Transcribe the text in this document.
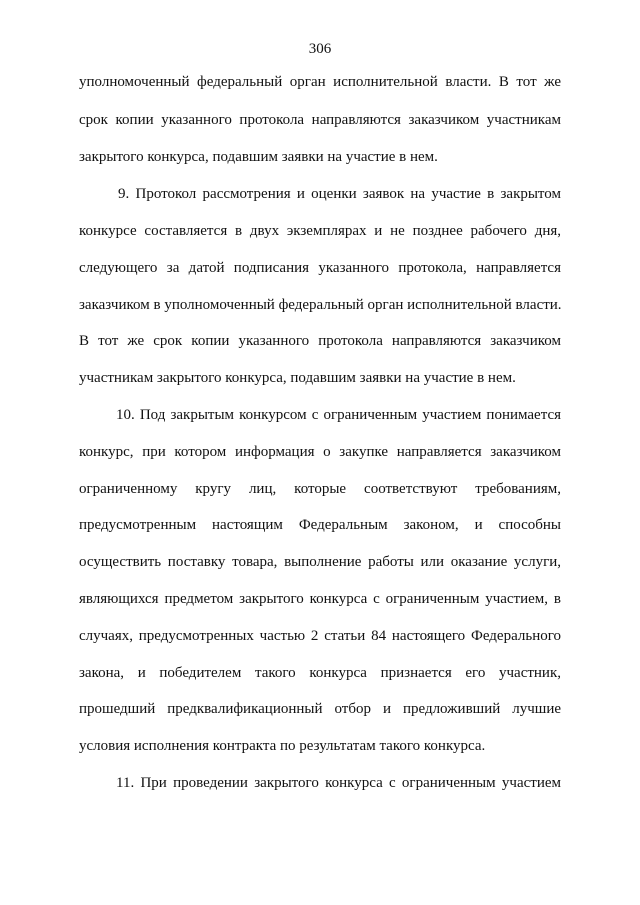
306
уполномоченный федеральный орган исполнительной власти. В тот же
срок копии указанного протокола направляются заказчиком участникам
закрытого конкурса, подавшим заявки на участие в нем.
9. Протокол рассмотрения и оценки заявок на участие в закрытом
конкурсе составляется в двух экземплярах и не позднее рабочего дня,
следующего за датой подписания указанного протокола, направляется
заказчиком в уполномоченный федеральный орган исполнительной власти.
В тот же срок копии указанного протокола направляются заказчиком
участникам закрытого конкурса, подавшим заявки на участие в нем.
10. Под закрытым конкурсом с ограниченным участием понимается
конкурс, при котором информация о закупке направляется заказчиком
ограниченному кругу лиц, которые соответствуют требованиям,
предусмотренным настоящим Федеральным законом, и способны
осуществить поставку товара, выполнение работы или оказание услуги,
являющихся предметом закрытого конкурса с ограниченным участием, в
случаях, предусмотренных частью 2 статьи 84 настоящего Федерального
закона, и победителем такого конкурса признается его участник,
прошедший предквалификационный отбор и предложивший лучшие
условия исполнения контракта по результатам такого конкурса.
11. При проведении закрытого конкурса с ограниченным участием
